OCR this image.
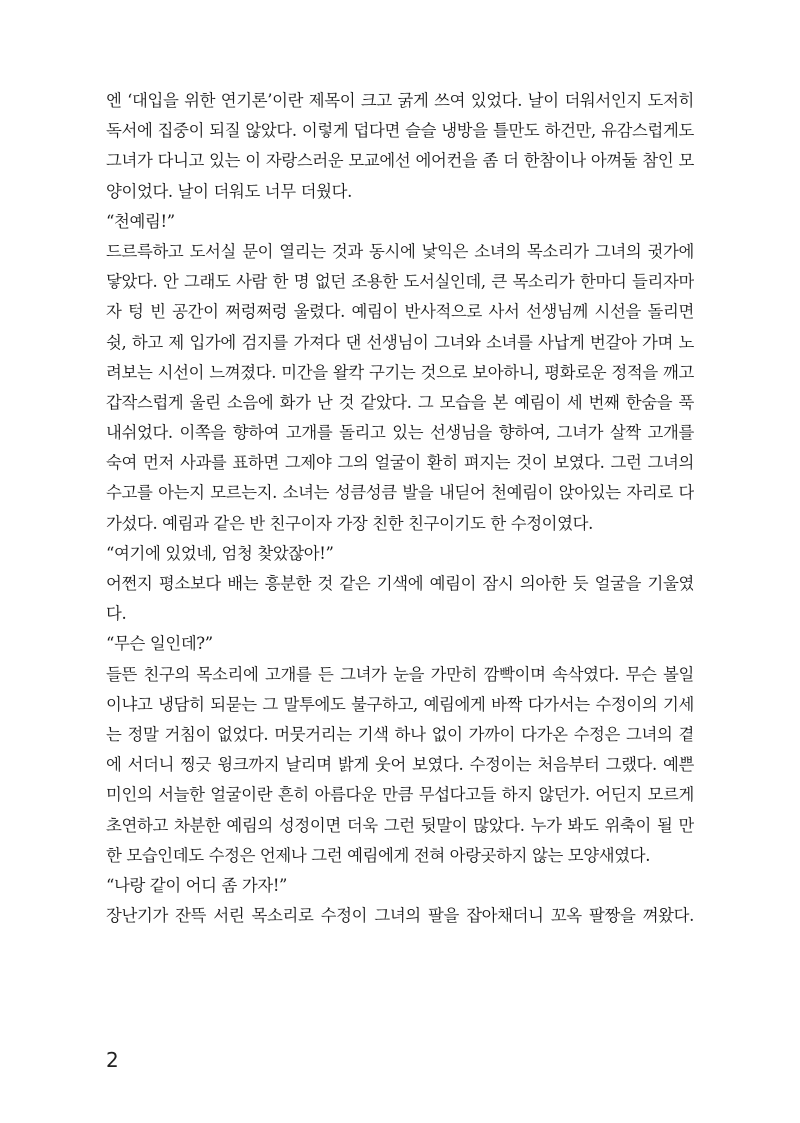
엔 ‘대입을 위한 연기론’이란 제목이 크고 굵게 쓰여 있었다. 날이 더워서인지 도저히
독서에 집중이 되질 않았다. 이렇게 덥다면 슬슬 냉방을 틀만도 하건만, 유감스럽게도
그녀가 다니고 있는 이 자랑스러운 모교에선 에어컨을 좀 더 한참이나 아껴둘 참인 모
양이었다. 날이 더워도 너무 더웠다.
“천예림!”
드르륵하고 도서실 문이 열리는 것과 동시에 낯익은 소녀의 목소리가 그녀의 귓가에
닿았다. 안 그래도 사람 한 명 없던 조용한 도서실인데, 큰 목소리가 한마디 들리자마
자 텅 빈 공간이 쩌렁쩌렁 울렸다. 예림이 반사적으로 사서 선생님께 시선을 돌리면
쉿, 하고 제 입가에 검지를 가져다 댄 선생님이 그녀와 소녀를 사납게 번갈아 가며 노
려보는 시선이 느껴졌다. 미간을 왈칵 구기는 것으로 보아하니, 평화로운 정적을 깨고
갑작스럽게 울린 소음에 화가 난 것 같았다. 그 모습을 본 예림이 세 번째 한숨을 푹
내쉬었다. 이쪽을 향하여 고개를 돌리고 있는 선생님을 향하여, 그녀가 살짝 고개를
숙여 먼저 사과를 표하면 그제야 그의 얼굴이 환히 펴지는 것이 보였다. 그런 그녀의
수고를 아는지 모르는지. 소녀는 성큼성큼 발을 내딛어 천예림이 앉아있는 자리로 다
가섰다. 예림과 같은 반 친구이자 가장 친한 친구이기도 한 수정이였다.
“여기에 있었네, 엄청 찾았잖아!”
어쩐지 평소보다 배는 흥분한 것 같은 기색에 예림이 잠시 의아한 듯 얼굴을 기울였
다.
“무슨 일인데?”
들뜬 친구의 목소리에 고개를 든 그녀가 눈을 가만히 깜빡이며 속삭였다. 무슨 볼일
이냐고 냉담히 되묻는 그 말투에도 불구하고, 예림에게 바짝 다가서는 수정이의 기세
는 정말 거침이 없었다. 머뭇거리는 기색 하나 없이 가까이 다가온 수정은 그녀의 곁
에 서더니 찡긋 윙크까지 날리며 밝게 웃어 보였다. 수정이는 처음부터 그랬다. 예쁜
미인의 서늘한 얼굴이란 흔히 아름다운 만큼 무섭다고들 하지 않던가. 어딘지 모르게
초연하고 차분한 예림의 성정이면 더욱 그런 뒷말이 많았다. 누가 봐도 위축이 될 만
한 모습인데도 수정은 언제나 그런 예림에게 전혀 아랑곳하지 않는 모양새였다.
“나랑 같이 어디 좀 가자!”
장난기가 잔뜩 서린 목소리로 수정이 그녀의 팔을 잡아채더니 꼬옥 팔짱을 껴왔다.
2
